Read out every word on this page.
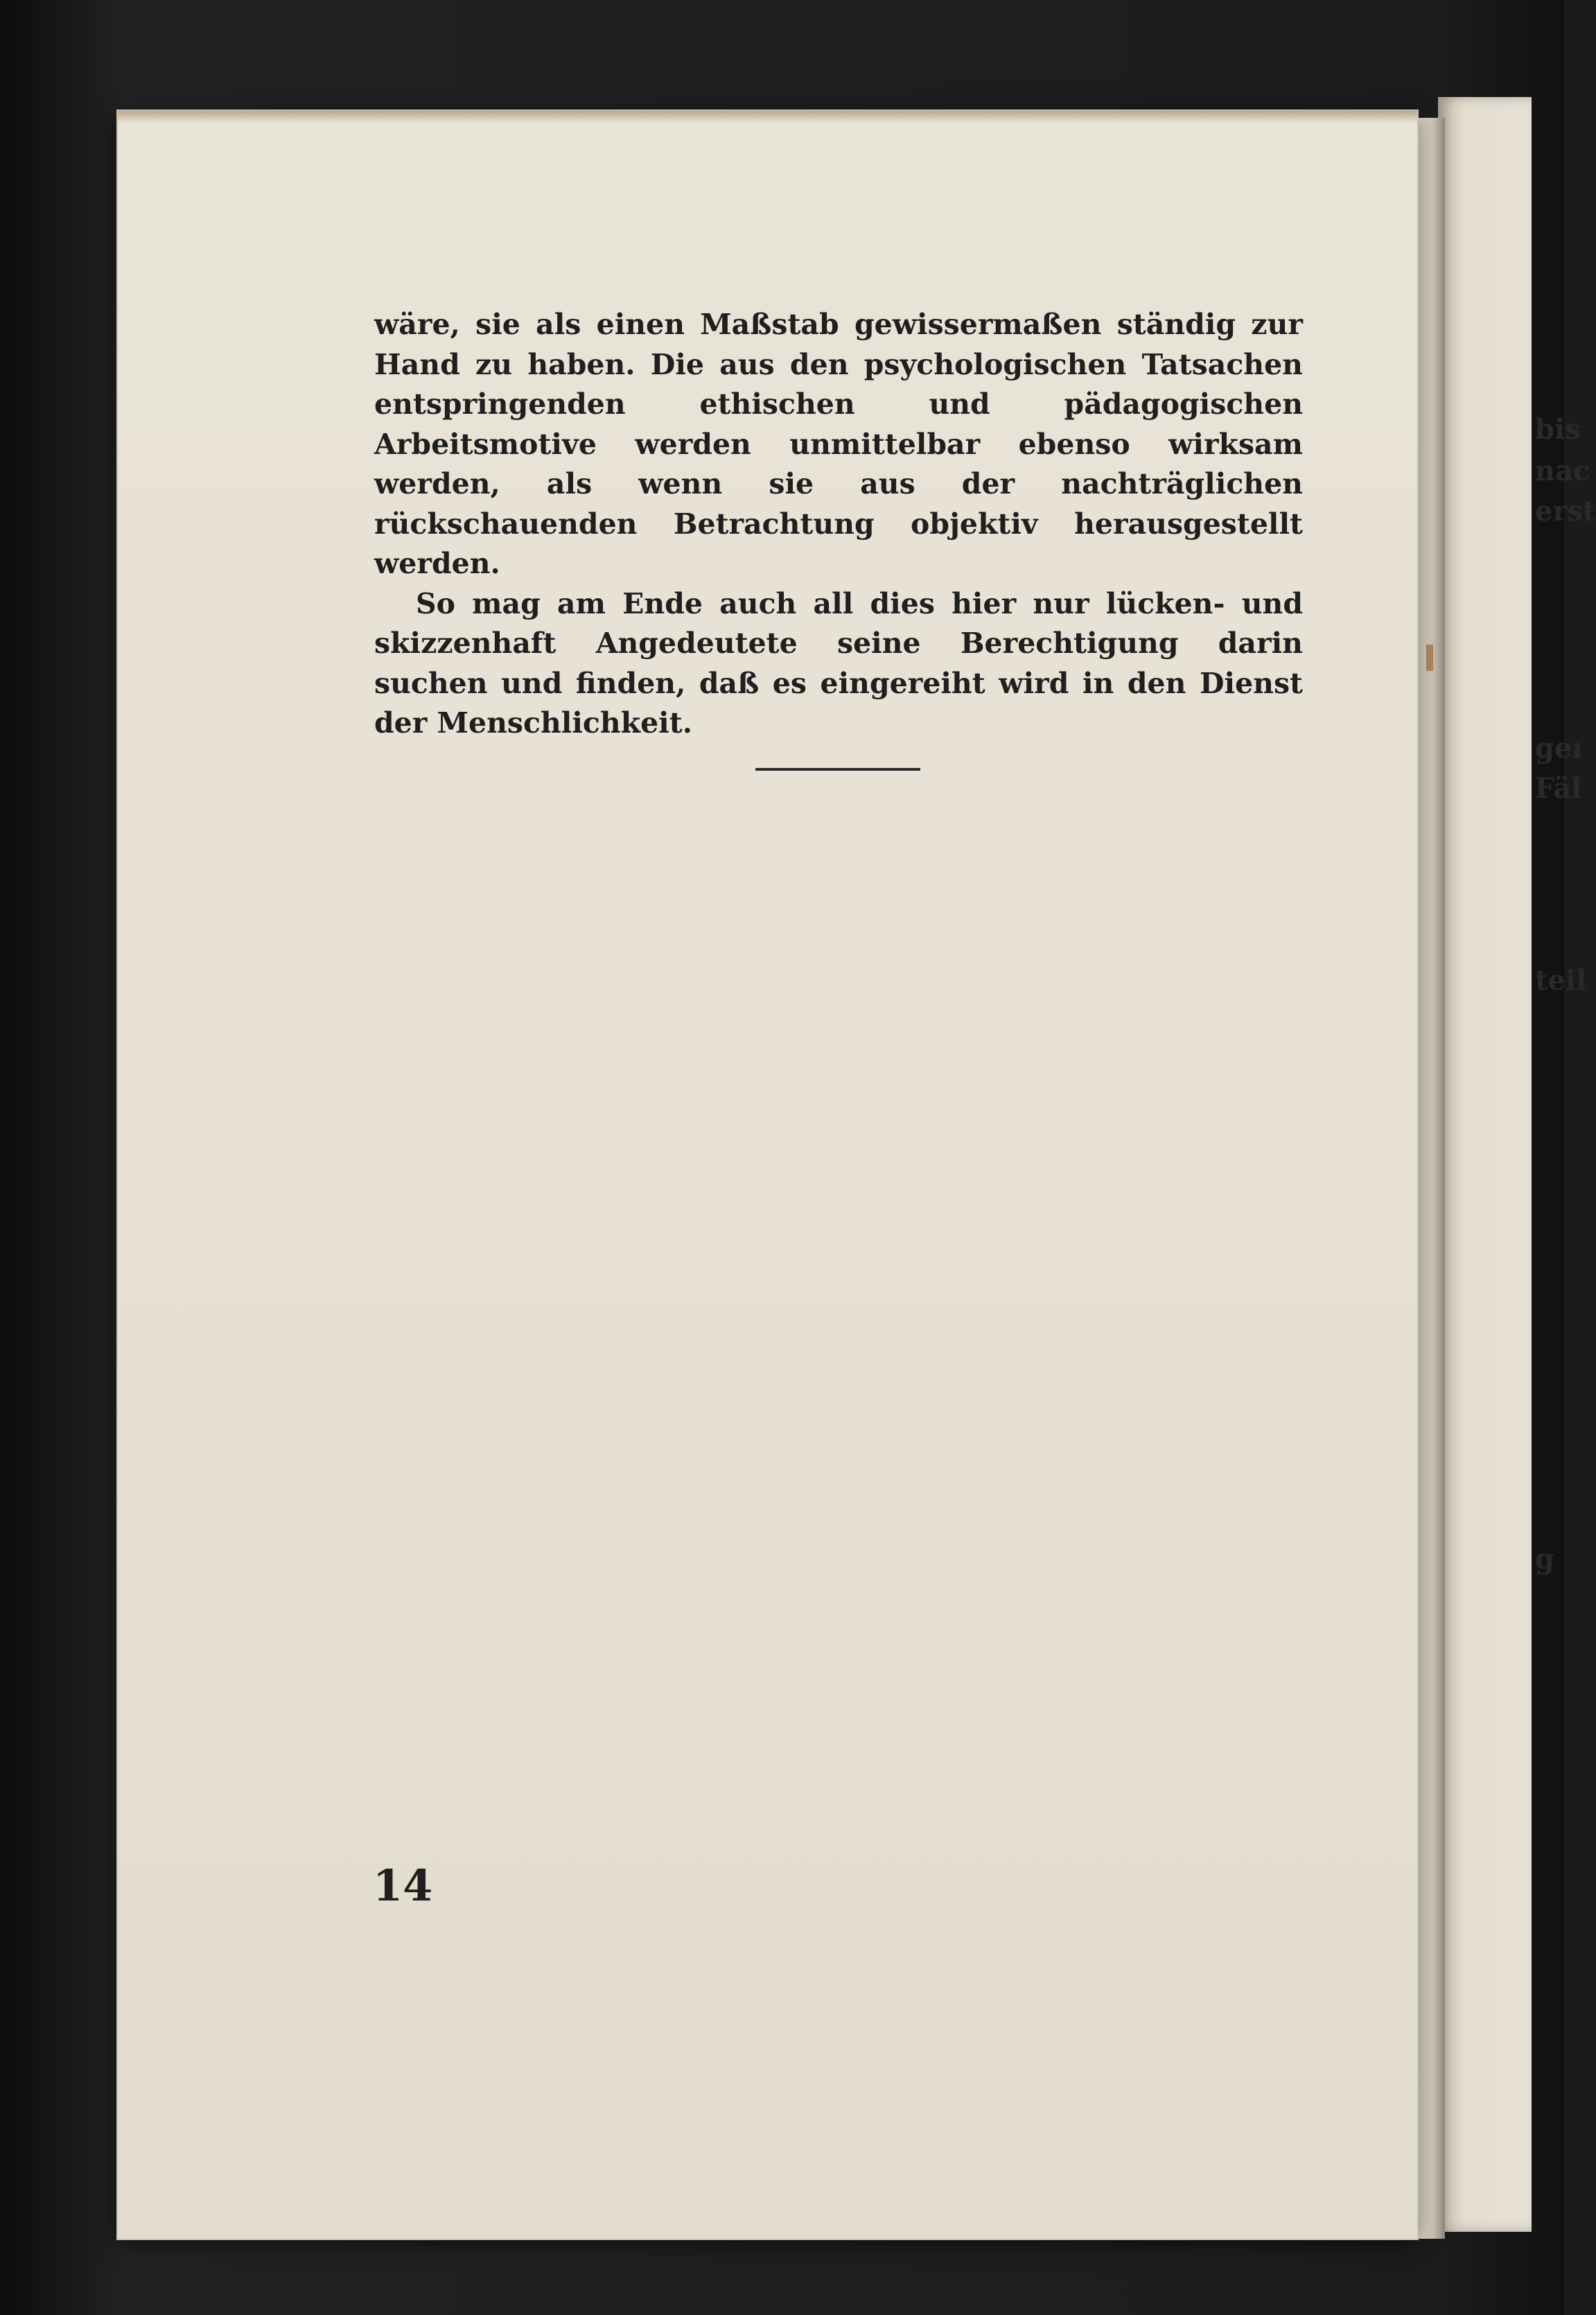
bis
nac
erst
geı
Fäl
teil
g

wäre, sie als einen Maßstab gewissermaßen ständig zur Hand zu haben. Die aus den psychologischen Tatsachen entspringenden ethischen und pädagogischen Arbeitsmotive werden unmittelbar ebenso wirksam werden, als wenn sie aus der nachträglichen rückschauenden Betrachtung objektiv herausgestellt werden.

So mag am Ende auch all dies hier nur lücken- und skizzenhaft Angedeutete seine Berechtigung darin suchen und finden, daß es eingereiht wird in den Dienst der Menschlichkeit.

14
